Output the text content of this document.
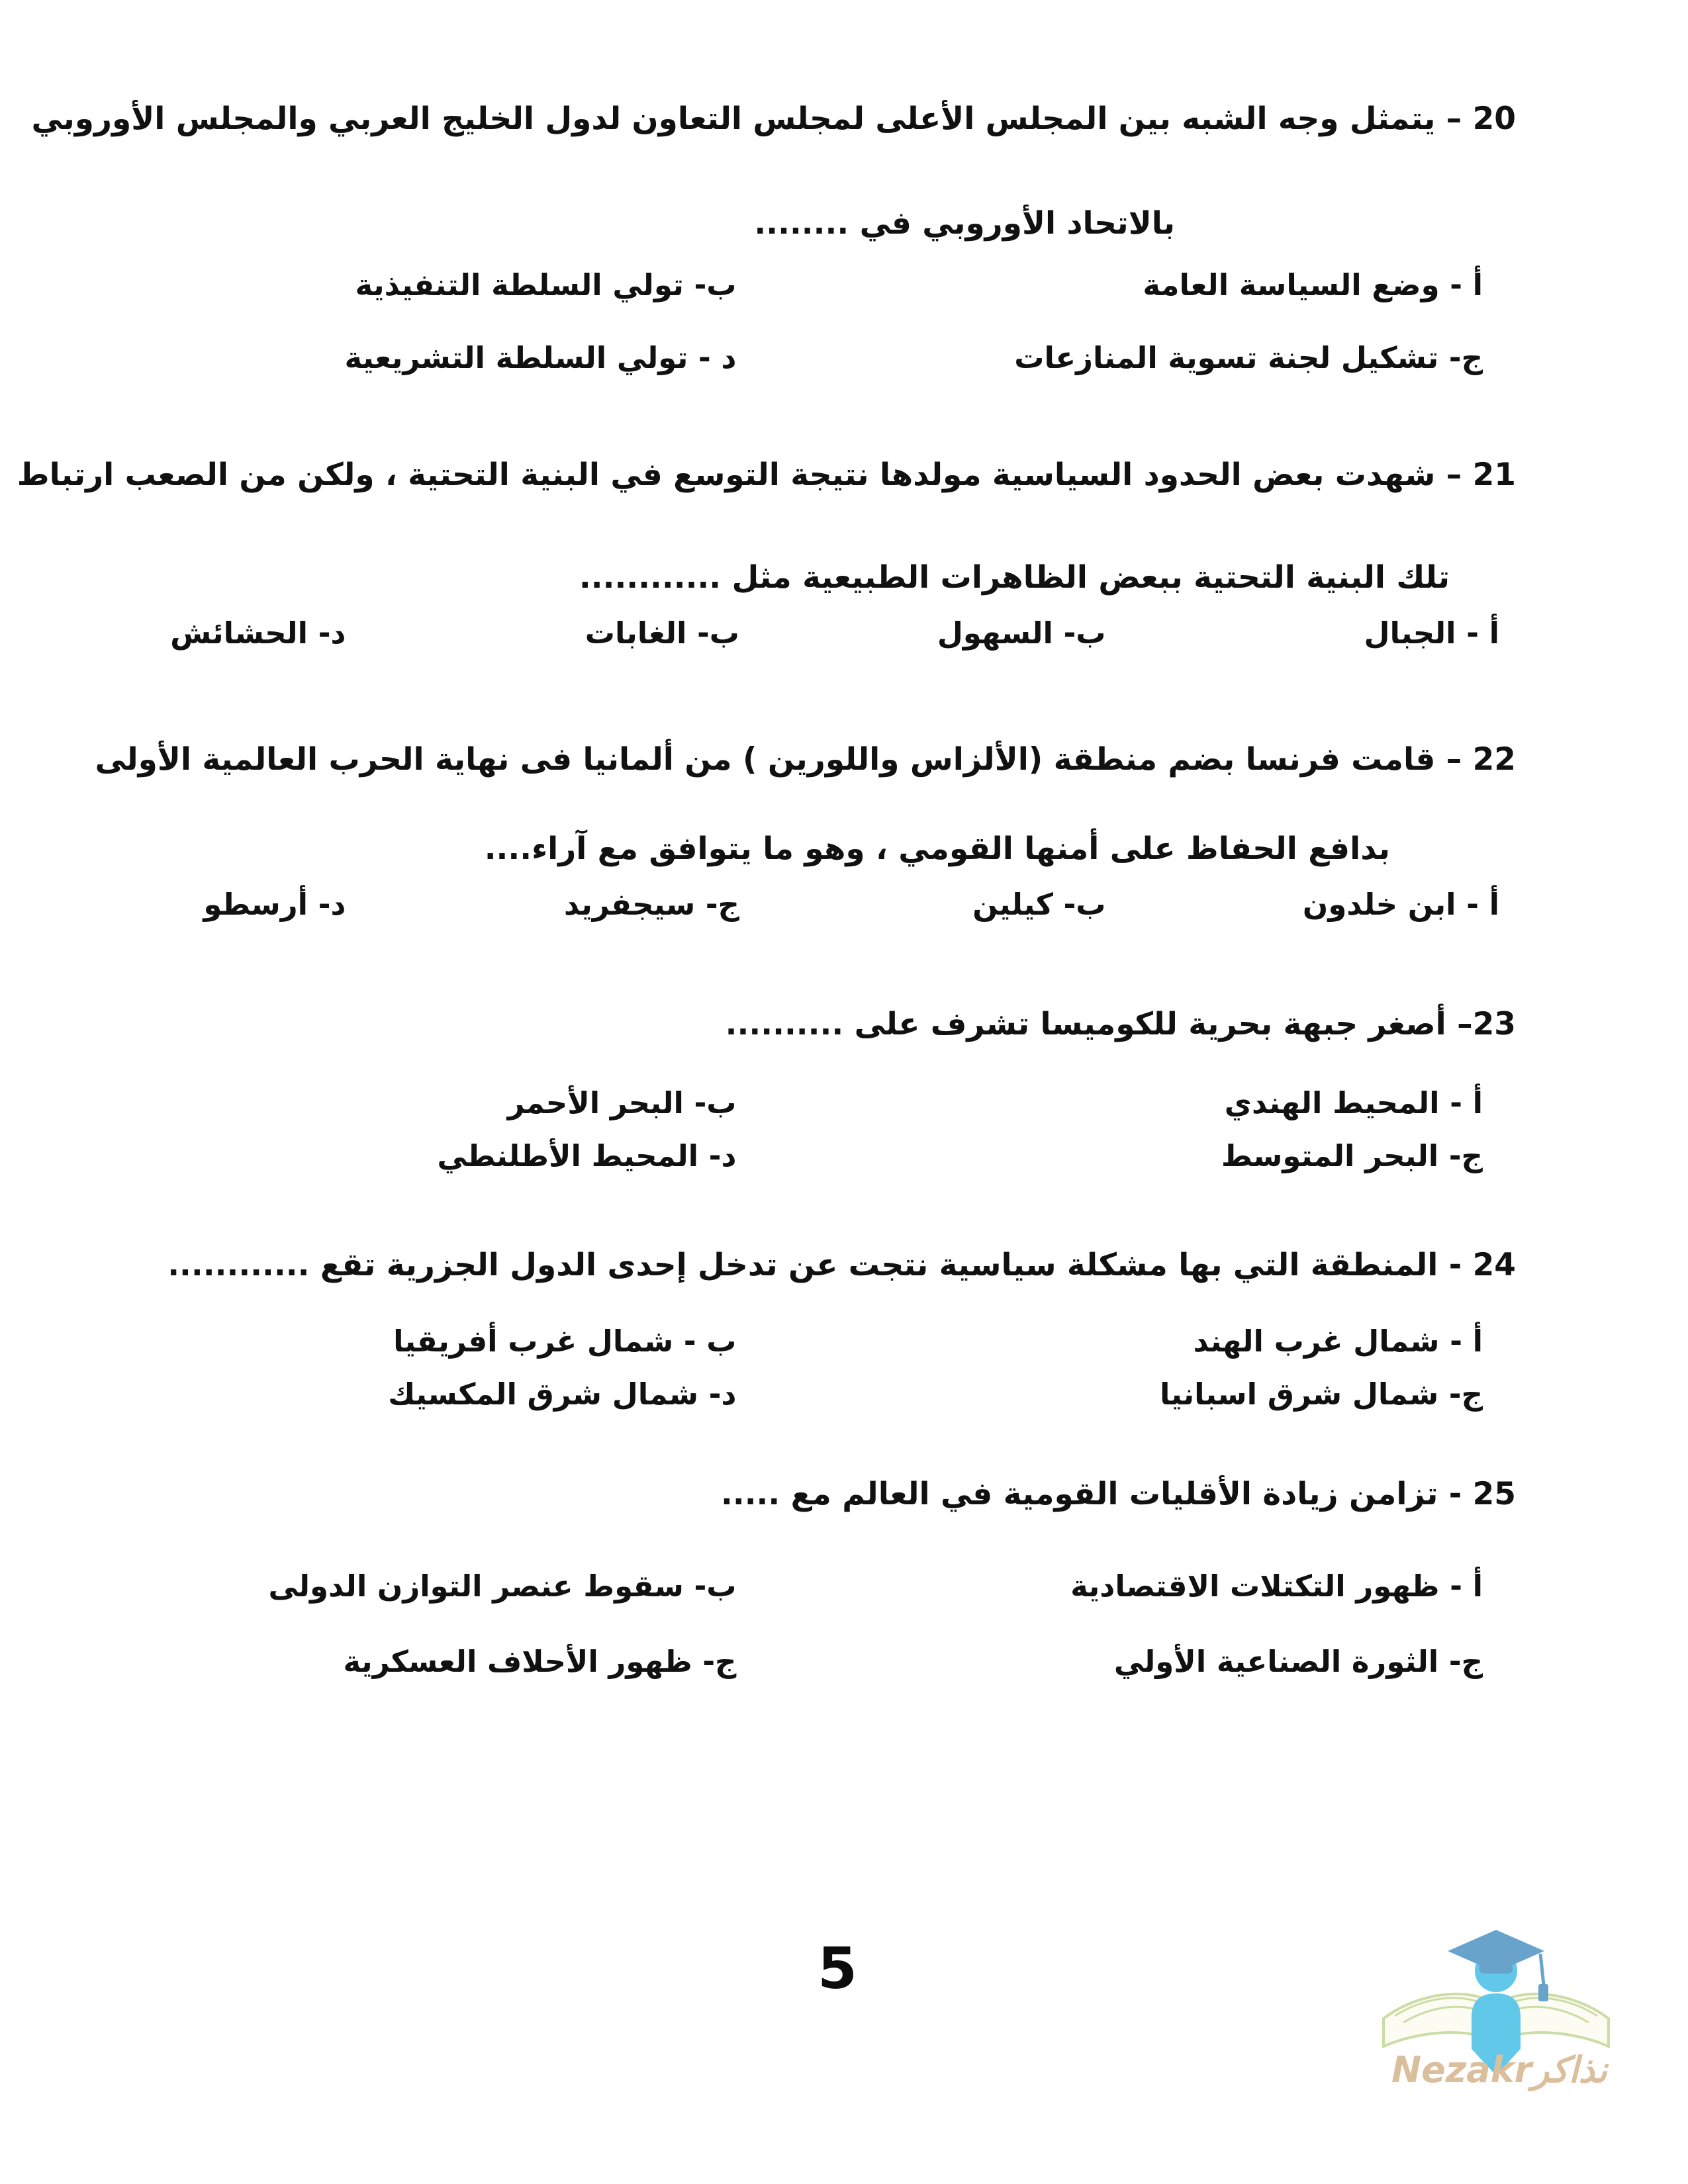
20 – يتمثل وجه الشبه بين المجلس الأعلى لمجلس التعاون لدول الخليج العربي والمجلس الأوروبي
بالاتحاد الأوروبي في ........
أ - وضع السياسة العامة
ب- تولي السلطة التنفيذية
ج- تشكيل لجنة تسوية المنازعات
د - تولي السلطة التشريعية
21 – شهدت بعض الحدود السياسية مولدها نتيجة التوسع في البنية التحتية ، ولكن من الصعب ارتباط
تلك البنية التحتية ببعض الظاهرات الطبيعية مثل ............
أ - الجبال
ب- السهول
ب- الغابات
د- الحشائش
22 – قامت فرنسا بضم منطقة (الألزاس واللورين ) من ألمانيا فى نهاية الحرب العالمية الأولى
بدافع الحفاظ على أمنها القومي ، وهو ما يتوافق مع آراء....
أ - ابن خلدون
ب- كيلين
ج- سيجفريد
د- أرسطو
23– أصغر جبهة بحرية للكوميسا تشرف على ..........
أ - المحيط الهندي
ب- البحر الأحمر
ج- البحر المتوسط
د- المحيط الأطلنطي
24 - المنطقة التي بها مشكلة سياسية نتجت عن تدخل إحدى الدول الجزرية تقع ............
أ - شمال غرب الهند
ب - شمال غرب أفريقيا
ج- شمال شرق اسبانيا
د- شمال شرق المكسيك
25 - تزامن زيادة الأقليات القومية في العالم مع .....
أ - ظهور التكتلات الاقتصادية
ب- سقوط عنصر التوازن الدولى
ج- الثورة الصناعية الأولي
ج- ظهور الأحلاف العسكرية
5
نذاكرNezakr
